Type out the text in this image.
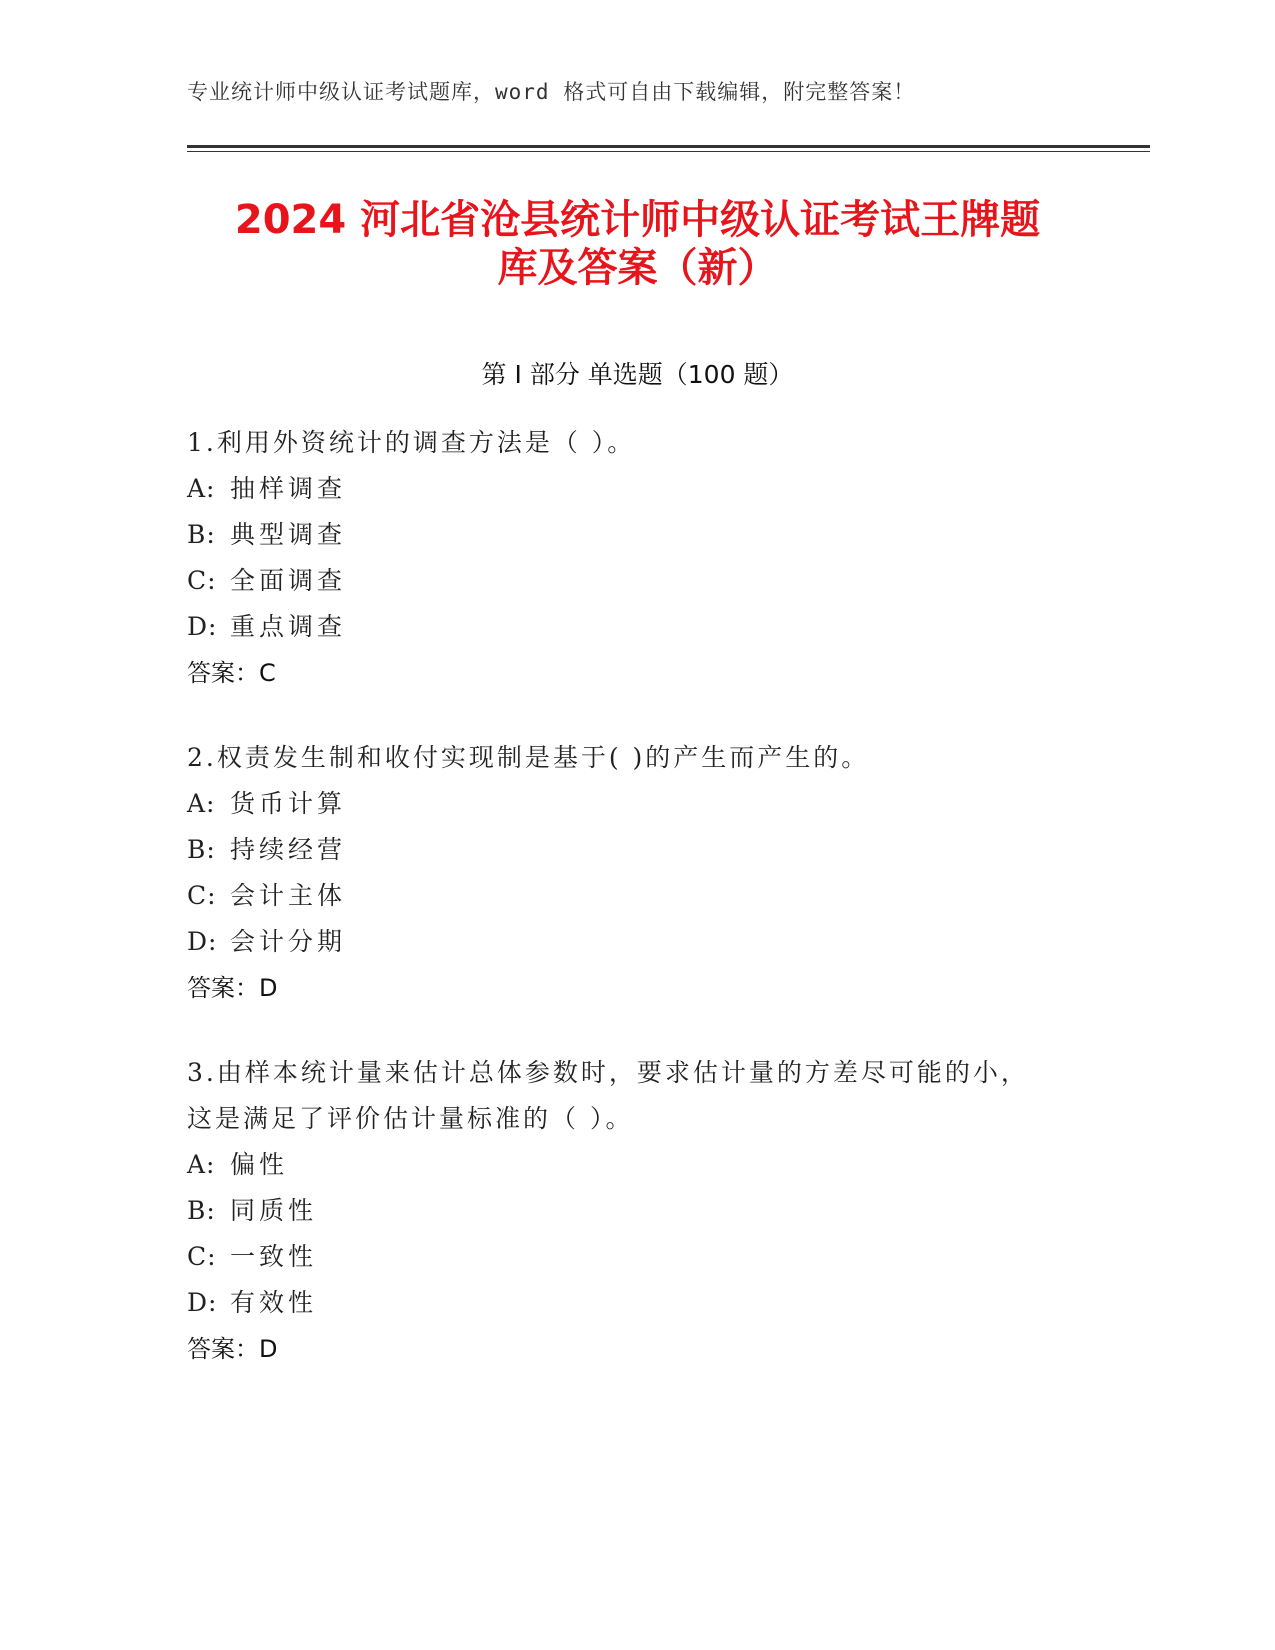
专业统计师中级认证考试题库，word 格式可自由下载编辑，附完整答案！
2024 河北省沧县统计师中级认证考试王牌题
库及答案（新）
第 I 部分 单选题（100 题）
1.利用外资统计的调查方法是（ ）。
A: 抽样调查
B: 典型调查
C: 全面调查
D: 重点调查
答案：C
2.权责发生制和收付实现制是基于( )的产生而产生的。
A: 货币计算
B: 持续经营
C: 会计主体
D: 会计分期
答案：D
3.由样本统计量来估计总体参数时，要求估计量的方差尽可能的小，
这是满足了评价估计量标准的（ ）。
A: 偏性
B: 同质性
C: 一致性
D: 有效性
答案：D
